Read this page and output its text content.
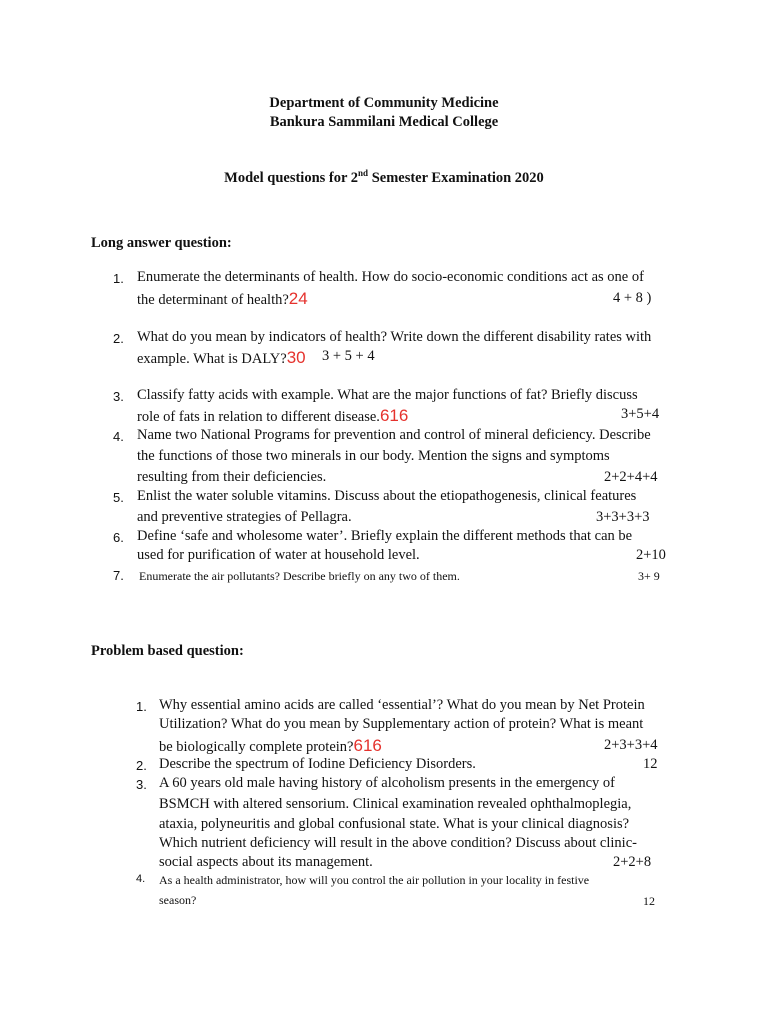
Department of Community Medicine
Bankura Sammilani Medical College
Model questions for 2nd Semester Examination 2020
Long answer question:
1. Enumerate the determinants of health. How do socio-economic conditions act as one of
the determinant of health?24	4 + 8 )
2. What do you mean by indicators of health? Write down the different disability rates with
example. What is DALY?30 3 + 5 + 4
3. Classify fatty acids with example. What are the major functions of fat? Briefly discuss
role of fats in relation to different disease.616	3+5+4
4. Name two National Programs for prevention and control of mineral deficiency. Describe
the functions of those two minerals in our body. Mention the signs and symptoms
resulting from their deficiencies.	2+2+4+4
5. Enlist the water soluble vitamins. Discuss about the etiopathogenesis, clinical features
and preventive strategies of Pellagra.	3+3+3+3
6. Define ‘safe and wholesome water’. Briefly explain the different methods that can be
used for purification of water at household level.	2+10
7. Enumerate the air pollutants? Describe briefly on any two of them.	3+ 9
Problem based question:
1. Why essential amino acids are called ‘essential’? What do you mean by Net Protein
Utilization? What do you mean by Supplementary action of protein? What is meant
be biologically complete protein?616	2+3+3+4
2. Describe the spectrum of Iodine Deficiency Disorders.	12
3. A 60 years old male having history of alcoholism presents in the emergency of
BSMCH with altered sensorium. Clinical examination revealed ophthalmoplegia,
ataxia, polyneuritis and global confusional state. What is your clinical diagnosis?
Which nutrient deficiency will result in the above condition? Discuss about clinic-
social aspects about its management.	2+2+8
4. As a health administrator, how will you control the air pollution in your locality in festive
season?	12
